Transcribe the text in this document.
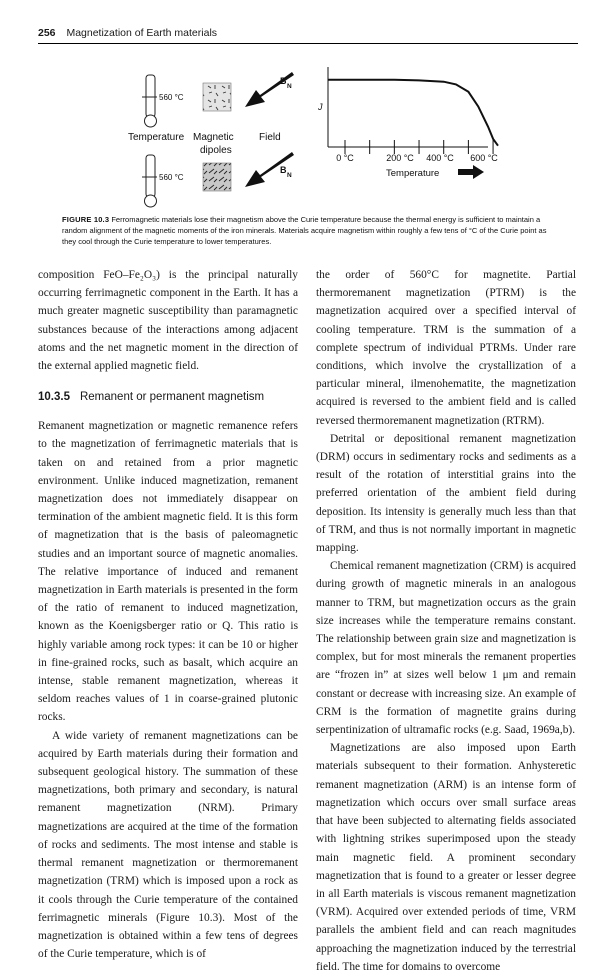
256 Magnetization of Earth materials
560 °C
B
N
Temperature Magnetic
dipoles
Field
560 °C
B
N
J
0 °C	200 °C 400 °C 600 °C
Temperature
FIGURE 10.3 Ferromagnetic materials lose their magnetism above the Curie temperature because the thermal energy is sufficient to maintain a random alignment of the magnetic moments of the iron minerals. Materials acquire magnetism within roughly a few tens of °C of the Curie point as they cool through the Curie temperature to lower temperatures.

composition FeO–Fe₂O₃) is the principal naturally occurring ferrimagnetic component in the Earth. It has a much greater magnetic susceptibility than paramagnetic substances because of the interactions among adjacent atoms and the net magnetic moment in the direction of the external applied magnetic field.

10.3.5 Remanent or permanent magnetism

Remanent magnetization or magnetic remanence refers to the magnetization of ferrimagnetic materials that is taken on and retained from a prior magnetic environment. Unlike induced magnetization, remanent magnetization does not immediately disappear on termination of the ambient magnetic field. It is this form of magnetization that is the basis of paleomagnetic studies and an important source of magnetic anomalies. The relative importance of induced and remanent magnetization in Earth materials is presented in the form of the ratio of remanent to induced magnetization, known as the Koenigsberger ratio or Q. This ratio is highly variable among rock types: it can be 10 or higher in fine-grained rocks, such as basalt, which acquire an intense, stable remanent magnetization, whereas it seldom reaches values of 1 in coarse-grained plutonic rocks.

A wide variety of remanent magnetizations can be acquired by Earth materials during their formation and subsequent geological history. The summation of these magnetizations, both primary and secondary, is natural remanent magnetization (NRM). Primary magnetizations are acquired at the time of the formation of rocks and sediments. The most intense and stable is thermal remanent magnetization or thermoremanent magnetization (TRM) which is imposed upon a rock as it cools through the Curie temperature of the contained ferrimagnetic minerals (Figure 10.3). Most of the magnetization is obtained within a few tens of degrees of the Curie temperature, which is of

the order of 560°C for magnetite. Partial thermoremanent magnetization (PTRM) is the magnetization acquired over a specified interval of cooling temperature. TRM is the summation of a complete spectrum of individual PTRMs. Under rare conditions, which involve the crystallization of a particular mineral, ilmenohematite, the magnetization acquired is reversed to the ambient field and is called reversed thermoremanent magnetization (RTRM).

Detrital or depositional remanent magnetization (DRM) occurs in sedimentary rocks and sediments as a result of the rotation of interstitial grains into the preferred orientation of the ambient field during deposition. Its intensity is generally much less than that of TRM, and thus is not normally important in magnetic mapping.

Chemical remanent magnetization (CRM) is acquired during growth of magnetic minerals in an analogous manner to TRM, but magnetization occurs as the grain size increases while the temperature remains constant. The relationship between grain size and magnetization is complex, but for most minerals the remanent properties are “frozen in” at sizes well below 1 μm and remain constant or decrease with increasing size. An example of CRM is the formation of magnetite grains during serpentinization of ultramafic rocks (e.g. Saad, 1969a,b).

Magnetizations are also imposed upon Earth materials subsequent to their formation. Anhysteretic remanent magnetization (ARM) is an intense form of magnetization which occurs over small surface areas that have been subjected to alternating fields associated with lightning strikes superimposed upon the steady main magnetic field. A prominent secondary magnetization that is found to a greater or lesser degree in all Earth materials is viscous remanent magnetization (VRM). Acquired over extended periods of time, VRM parallels the ambient field and can reach magnitudes approaching the magnetization induced by the terrestrial field. The time for domains to overcome
